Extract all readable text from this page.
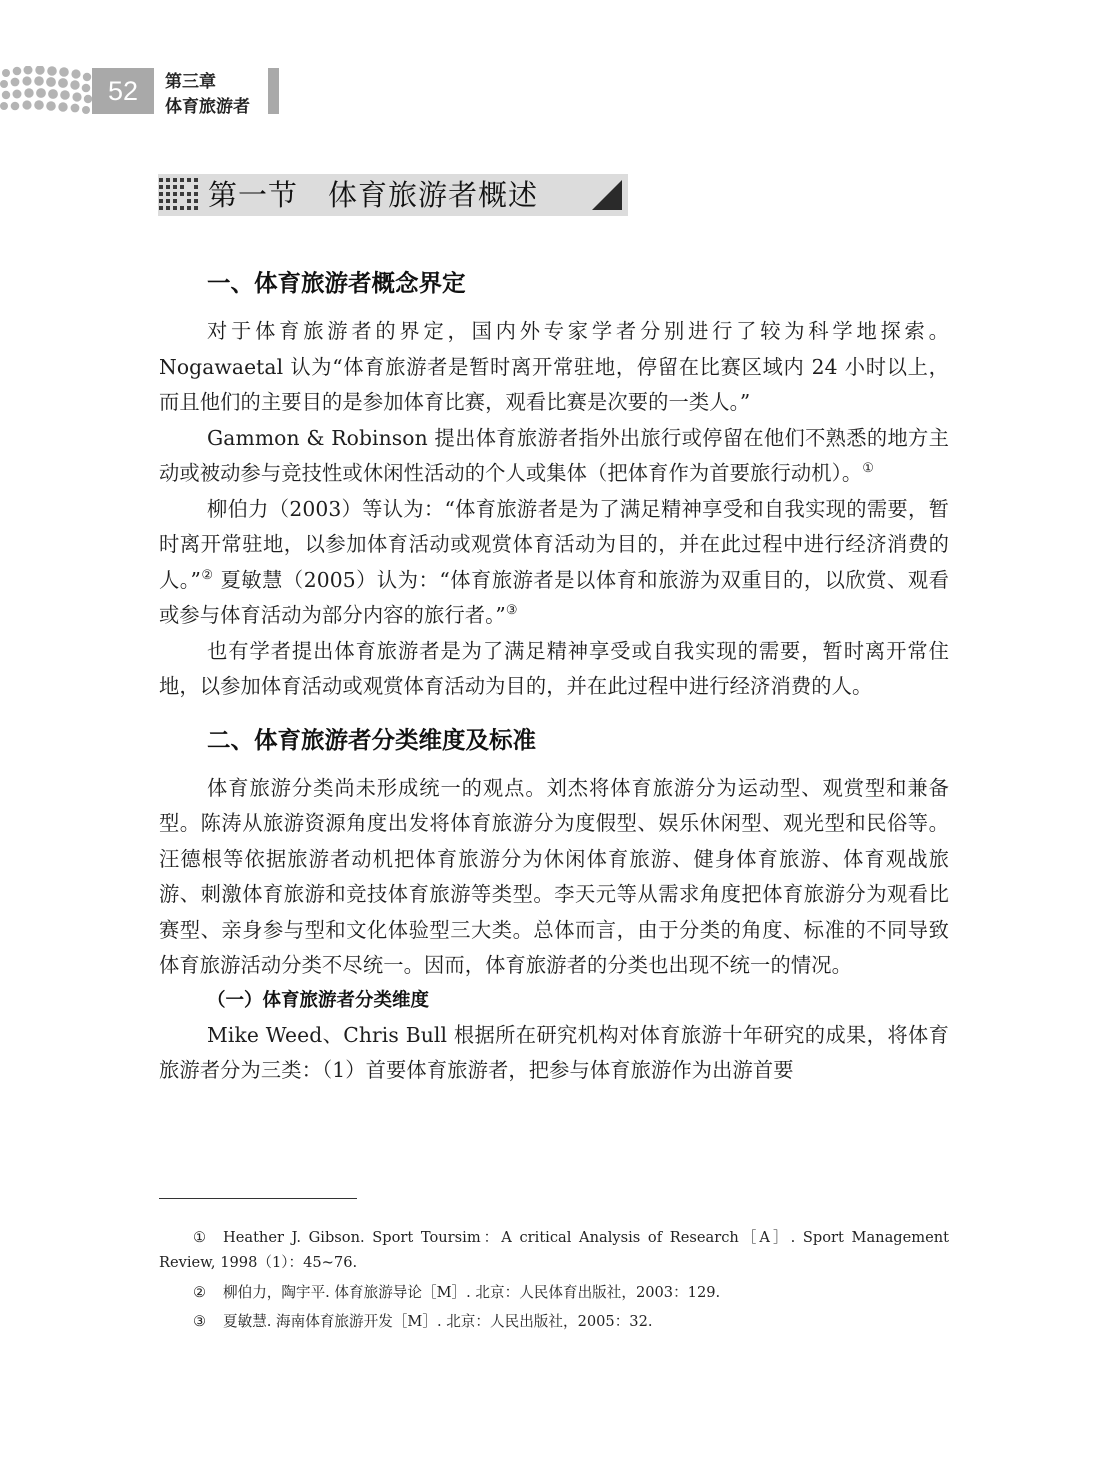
52	第三章
体育旅游者
第一节　体育旅游者概述
一、体育旅游者概念界定

对于体育旅游者的界定，国内外专家学者分别进行了较为科学地探索。Nogawaetal 认为“体育旅游者是暂时离开常驻地，停留在比赛区域内 24 小时以上，而且他们的主要目的是参加体育比赛，观看比赛是次要的一类人。”

Gammon & Robinson 提出体育旅游者指外出旅行或停留在他们不熟悉的地方主动或被动参与竞技性或休闲性活动的个人或集体（把体育作为首要旅行动机）。①

柳伯力（2003）等认为：“体育旅游者是为了满足精神享受和自我实现的需要，暂时离开常驻地，以参加体育活动或观赏体育活动为目的，并在此过程中进行经济消费的人。”② 夏敏慧（2005）认为：“体育旅游者是以体育和旅游为双重目的，以欣赏、观看或参与体育活动为部分内容的旅行者。”③

也有学者提出体育旅游者是为了满足精神享受或自我实现的需要，暂时离开常住地，以参加体育活动或观赏体育活动为目的，并在此过程中进行经济消费的人。

二、体育旅游者分类维度及标准

体育旅游分类尚未形成统一的观点。刘杰将体育旅游分为运动型、观赏型和兼备型。陈涛从旅游资源角度出发将体育旅游分为度假型、娱乐休闲型、观光型和民俗等。汪德根等依据旅游者动机把体育旅游分为休闲体育旅游、健身体育旅游、体育观战旅游、刺激体育旅游和竞技体育旅游等类型。李天元等从需求角度把体育旅游分为观看比赛型、亲身参与型和文化体验型三大类。总体而言，由于分类的角度、标准的不同导致体育旅游活动分类不尽统一。因而，体育旅游者的分类也出现不统一的情况。

（一）体育旅游者分类维度

Mike Weed、Chris Bull 根据所在研究机构对体育旅游十年研究的成果，将体育旅游者分为三类：（1）首要体育旅游者，把参与体育旅游作为出游首要

① Heather J. Gibson. Sport Toursim：A critical Analysis of Research［A］. Sport Management Review, 1998（1）：45~76.
② 柳伯力，陶宇平. 体育旅游导论［M］. 北京：人民体育出版社，2003：129.
③ 夏敏慧. 海南体育旅游开发［M］. 北京：人民出版社，2005：32.
